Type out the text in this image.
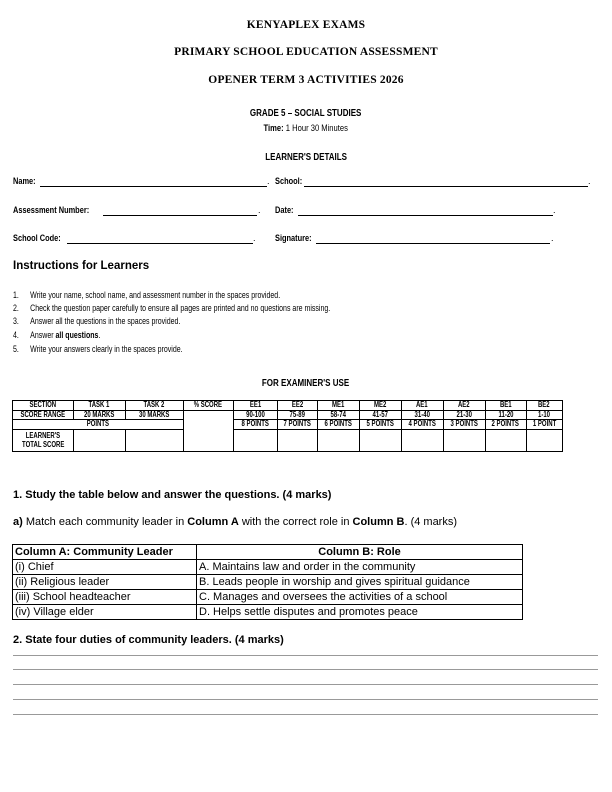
KENYAPLEX EXAMS
PRIMARY SCHOOL EDUCATION ASSESSMENT
OPENER TERM 3 ACTIVITIES 2026
GRADE 5 – SOCIAL STUDIES
Time: 1 Hour 30 Minutes
LEARNER'S DETAILS
Name:	. School:	.
Assessment Number:	. Date:	.
School Code:	. Signature:	.
Instructions for Learners
1. Write your name, school name, and assessment number in the spaces provided.
2. Check the question paper carefully to ensure all pages are printed and no questions are missing.
3. Answer all the questions in the spaces provided.
4. Answer all questions.
5. Write your answers clearly in the spaces provide.
FOR EXAMINER'S USE
SECTION	TASK 1	TASK 2	% SCORE	EE1	EE2	ME1	ME2	AE1	AE2	BE1	BE2
SCORE RANGE	20 MARKS	30 MARKS		90-100	75-89	58-74	41-57	31-40	21-30	11-20	1-10
POINTS				8 POINTS	7 POINTS	6 POINTS	5 POINTS	4 POINTS	3 POINTS	2 POINTS	1 POINT
LEARNER'S
TOTAL SCORE											
1. Study the table below and answer the questions. (4 marks)
a) Match each community leader in Column A with the correct role in Column B. (4 marks)
Column A: Community Leader	Column B: Role
(i) Chief	A. Maintains law and order in the community
(ii) Religious leader	B. Leads people in worship and gives spiritual guidance
(iii) School headteacher	C. Manages and oversees the activities of a school
(iv) Village elder	D. Helps settle disputes and promotes peace
2. State four duties of community leaders. (4 marks)
